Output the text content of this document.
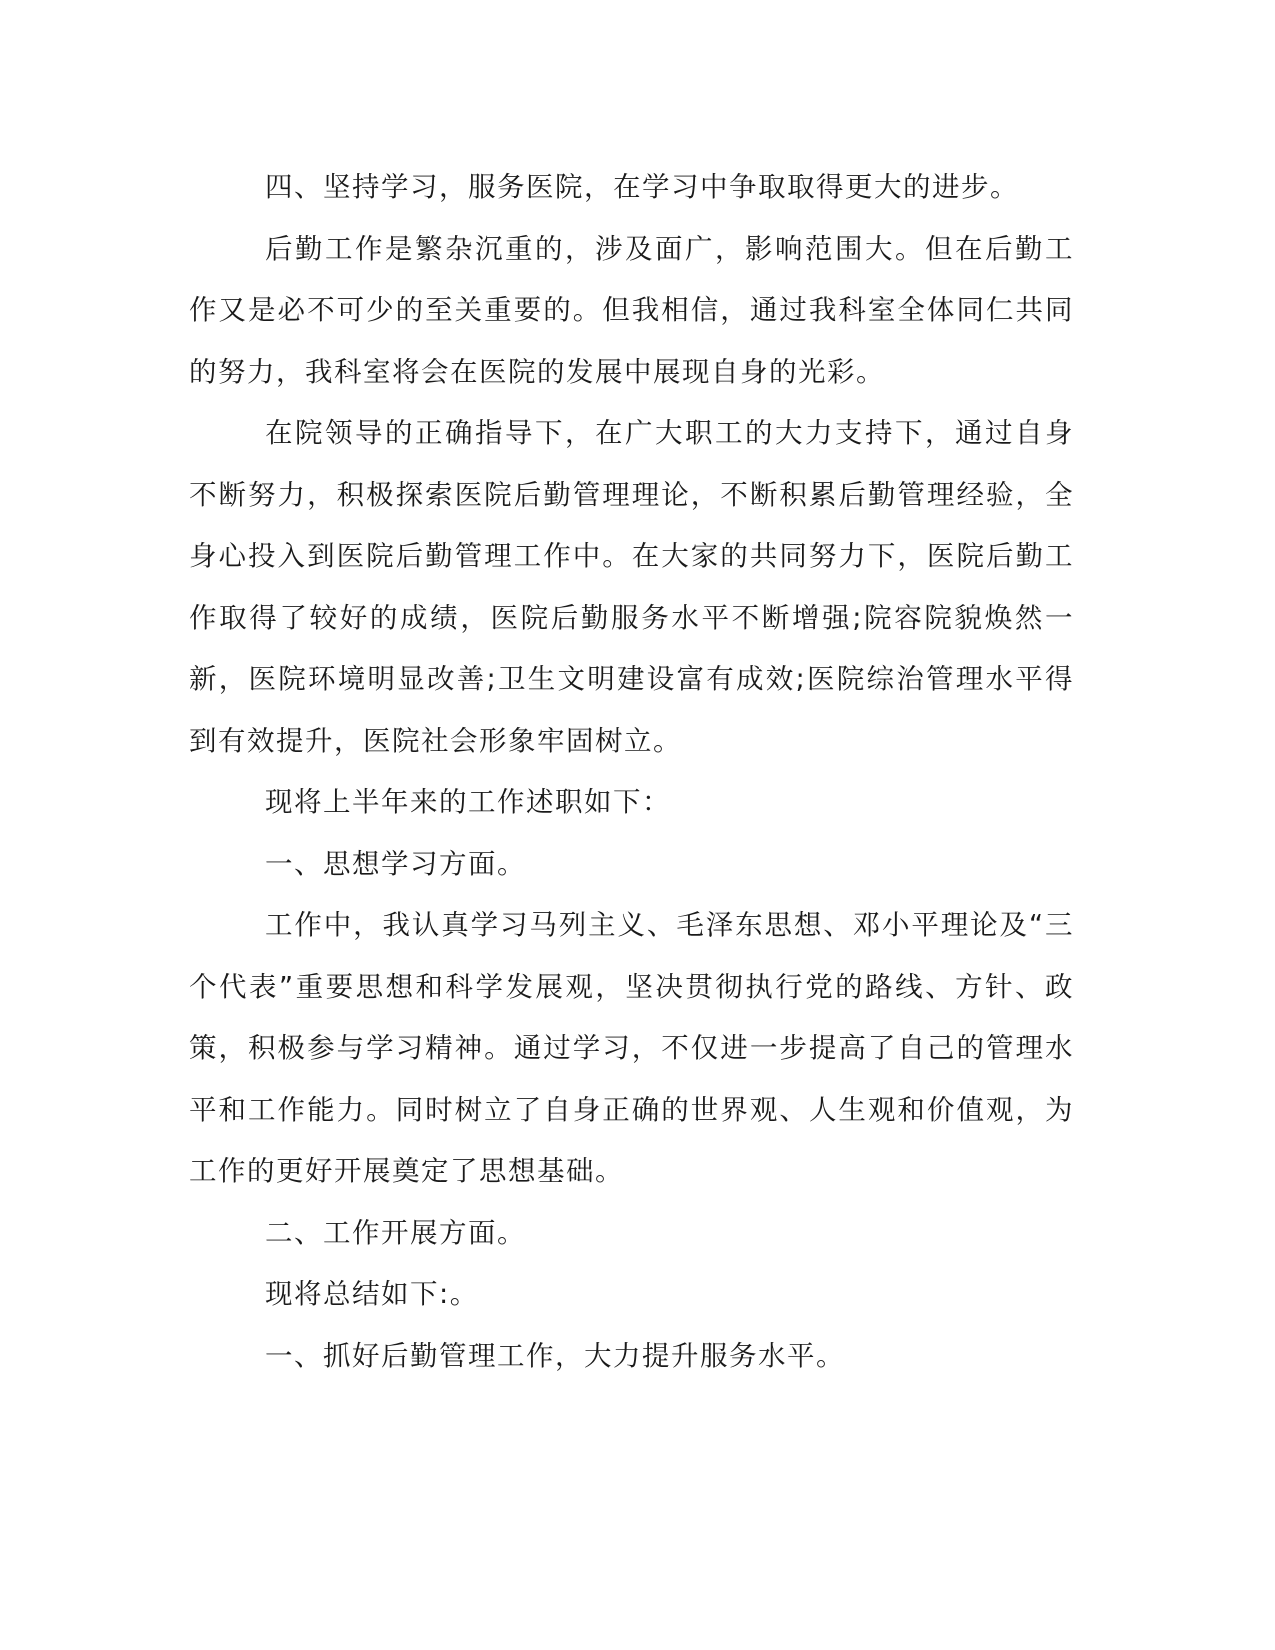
四、坚持学习，服务医院，在学习中争取取得更大的进步。

后勤工作是繁杂沉重的，涉及面广，影响范围大。但在后勤工作又是必不可少的至关重要的。但我相信，通过我科室全体同仁共同的努力，我科室将会在医院的发展中展现自身的光彩。

在院领导的正确指导下，在广大职工的大力支持下，通过自身不断努力，积极探索医院后勤管理理论，不断积累后勤管理经验，全身心投入到医院后勤管理工作中。在大家的共同努力下，医院后勤工作取得了较好的成绩，医院后勤服务水平不断增强;院容院貌焕然一新，医院环境明显改善;卫生文明建设富有成效;医院综治管理水平得到有效提升，医院社会形象牢固树立。

现将上半年来的工作述职如下：

一、思想学习方面。

工作中，我认真学习马列主义、毛泽东思想、邓小平理论及“三个代表”重要思想和科学发展观，坚决贯彻执行党的路线、方针、政策，积极参与学习精神。通过学习，不仅进一步提高了自己的管理水平和工作能力。同时树立了自身正确的世界观、人生观和价值观，为工作的更好开展奠定了思想基础。

二、工作开展方面。

现将总结如下:。

一、抓好后勤管理工作，大力提升服务水平。
